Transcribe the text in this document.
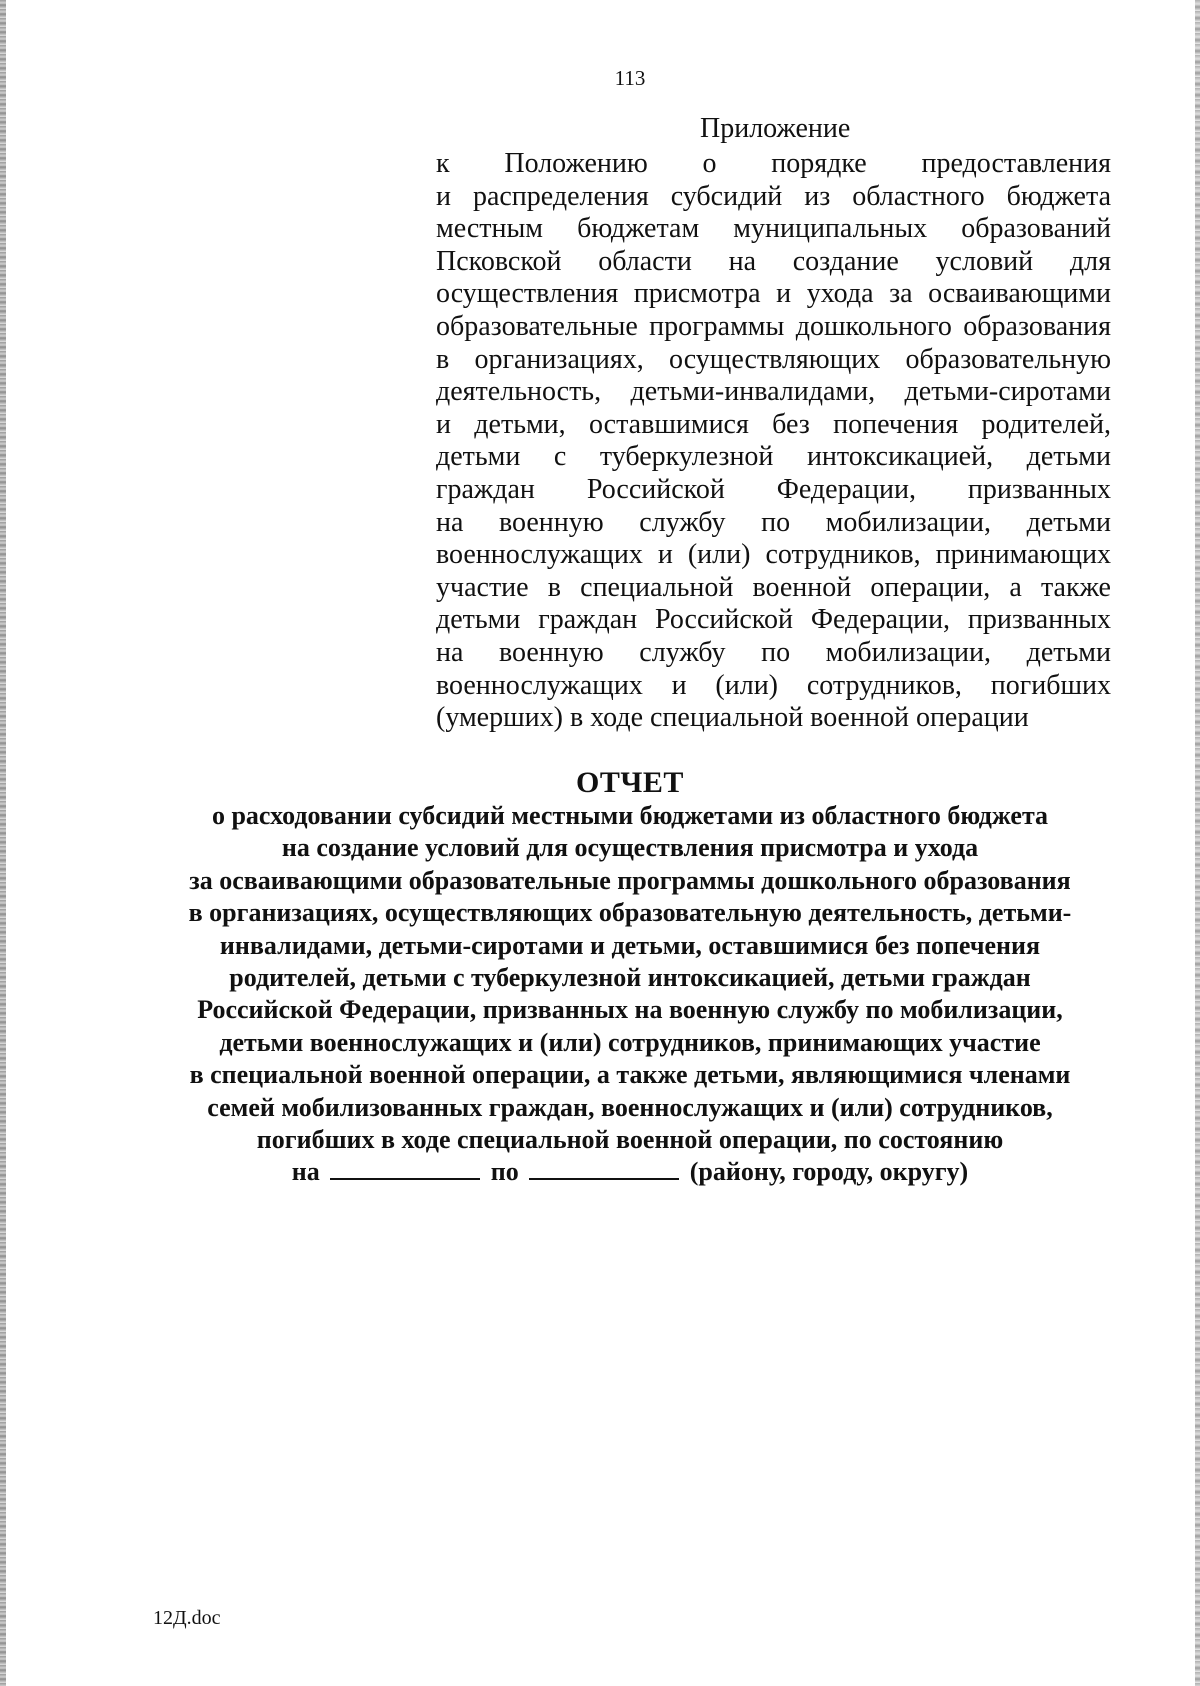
113
Приложение
к Положению о порядке предоставления
и распределения субсидий из областного бюджета
местным бюджетам муниципальных образований
Псковской области на создание условий для
осуществления присмотра и ухода за осваивающими
образовательные программы дошкольного образования
в организациях, осуществляющих образовательную
деятельность, детьми-инвалидами, детьми-сиротами
и детьми, оставшимися без попечения родителей,
детьми с туберкулезной интоксикацией, детьми
граждан Российской Федерации, призванных
на военную службу по мобилизации, детьми
военнослужащих и (или) сотрудников, принимающих
участие в специальной военной операции, а также
детьми граждан Российской Федерации, призванных
на военную службу по мобилизации, детьми
военнослужащих и (или) сотрудников, погибших
(умерших) в ходе специальной военной операции
ОТЧЕТ
о расходовании субсидий местными бюджетами из областного бюджета
на создание условий для осуществления присмотра и ухода
за осваивающими образовательные программы дошкольного образования
в организациях, осуществляющих образовательную деятельность, детьми-
инвалидами, детьми-сиротами и детьми, оставшимися без попечения
родителей, детьми с туберкулезной интоксикацией, детьми граждан
Российской Федерации, призванных на военную службу по мобилизации,
детьми военнослужащих и (или) сотрудников, принимающих участие
в специальной военной операции, а также детьми, являющимися членами
семей мобилизованных граждан, военнослужащих и (или) сотрудников,
погибших в ходе специальной военной операции, по состоянию
на	по	(району, городу, округу)
12Д.doc
